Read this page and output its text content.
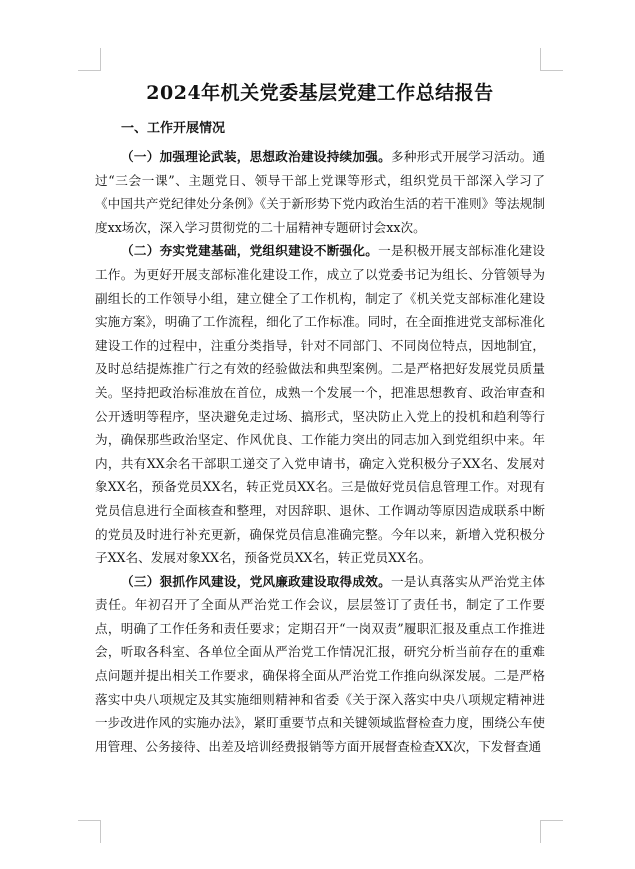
2024年机关党委基层党建工作总结报告
一、工作开展情况

（一）加强理论武装，思想政治建设持续加强。多种形式开展学习活动。通过“三会一课”、主题党日、领导干部上党课等形式，组织党员干部深入学习了《中国共产党纪律处分条例》《关于新形势下党内政治生活的若干准则》等法规制度xx场次，深入学习贯彻党的二十届精神专题研讨会xx次。

（二）夯实党建基础，党组织建设不断强化。一是积极开展支部标准化建设工作。为更好开展支部标准化建设工作，成立了以党委书记为组长、分管领导为副组长的工作领导小组，建立健全了工作机构，制定了《机关党支部标准化建设实施方案》，明确了工作流程，细化了工作标准。同时，在全面推进党支部标准化建设工作的过程中，注重分类指导，针对不同部门、不同岗位特点，因地制宜，及时总结提炼推广行之有效的经验做法和典型案例。二是严格把好发展党员质量关。坚持把政治标准放在首位，成熟一个发展一个，把准思想教育、政治审查和公开透明等程序，坚决避免走过场、搞形式，坚决防止入党上的投机和趋利等行为，确保那些政治坚定、作风优良、工作能力突出的同志加入到党组织中来。年内，共有XX余名干部职工递交了入党申请书，确定入党积极分子XX名、发展对象XX名，预备党员XX名，转正党员XX名。三是做好党员信息管理工作。对现有党员信息进行全面核查和整理，对因辞职、退休、工作调动等原因造成联系中断的党员及时进行补充更新，确保党员信息准确完整。今年以来，新增入党积极分子XX名、发展对象XX名，预备党员XX名，转正党员XX名。

（三）狠抓作风建设，党风廉政建设取得成效。一是认真落实从严治党主体责任。年初召开了全面从严治党工作会议，层层签订了责任书，制定了工作要点，明确了工作任务和责任要求；定期召开“一岗双责”履职汇报及重点工作推进会，听取各科室、各单位全面从严治党工作情况汇报，研究分析当前存在的重难点问题并提出相关工作要求，确保将全面从严治党工作推向纵深发展。二是严格落实中央八项规定及其实施细则精神和省委《关于深入落实中央八项规定精神进一步改进作风的实施办法》，紧盯重要节点和关键领域监督检查力度，围绕公车使用管理、公务接待、出差及培训经费报销等方面开展督查检查XX次，下发督查通
